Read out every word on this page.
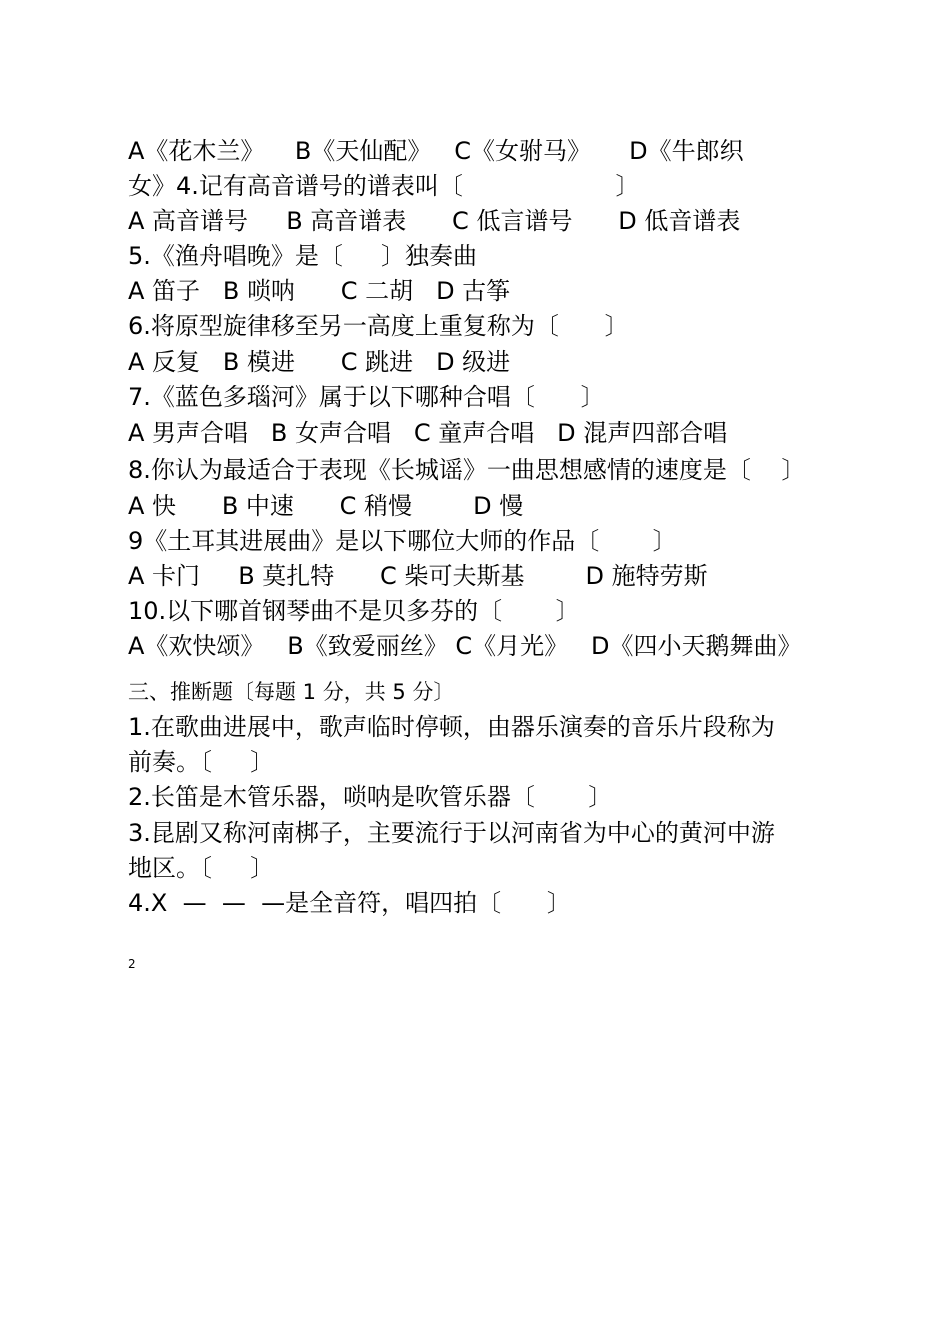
A《花木兰》    B《天仙配》   C《女驸马》     D《牛郎织
女》4.记有高音谱号的谱表叫〔                    〕
A 高音谱号     B 高音谱表      C 低言谱号      D 低音谱表
5.《渔舟唱晚》是〔     〕独奏曲
A 笛子   B 唢呐      C 二胡   D 古筝
6.将原型旋律移至另一高度上重复称为〔      〕
A 反复   B 模进      C 跳进   D 级进
7.《蓝色多瑙河》属于以下哪种合唱〔      〕
A 男声合唱   B 女声合唱   C 童声合唱   D 混声四部合唱
8.你认为最适合于表现《长城谣》一曲思想感情的速度是〔    〕
A 快      B 中速      C 稍慢        D 慢
9《土耳其进展曲》是以下哪位大师的作品〔       〕
A 卡门     B 莫扎特      C 柴可夫斯基        D 施特劳斯
10.以下哪首钢琴曲不是贝多芬的〔       〕
A《欢快颂》   B《致爱丽丝》 C《月光》   D《四小天鹅舞曲》
三、推断题〔每题 1 分，共 5 分〕
1.在歌曲进展中，歌声临时停顿，由器乐演奏的音乐片段称为
前奏。〔     〕
2.长笛是木管乐器，唢呐是吹管乐器〔       〕
3.昆剧又称河南梆子，主要流行于以河南省为中心的黄河中游
地区。〔     〕
4.X  —  —  —是全音符，唱四拍〔      〕
2
